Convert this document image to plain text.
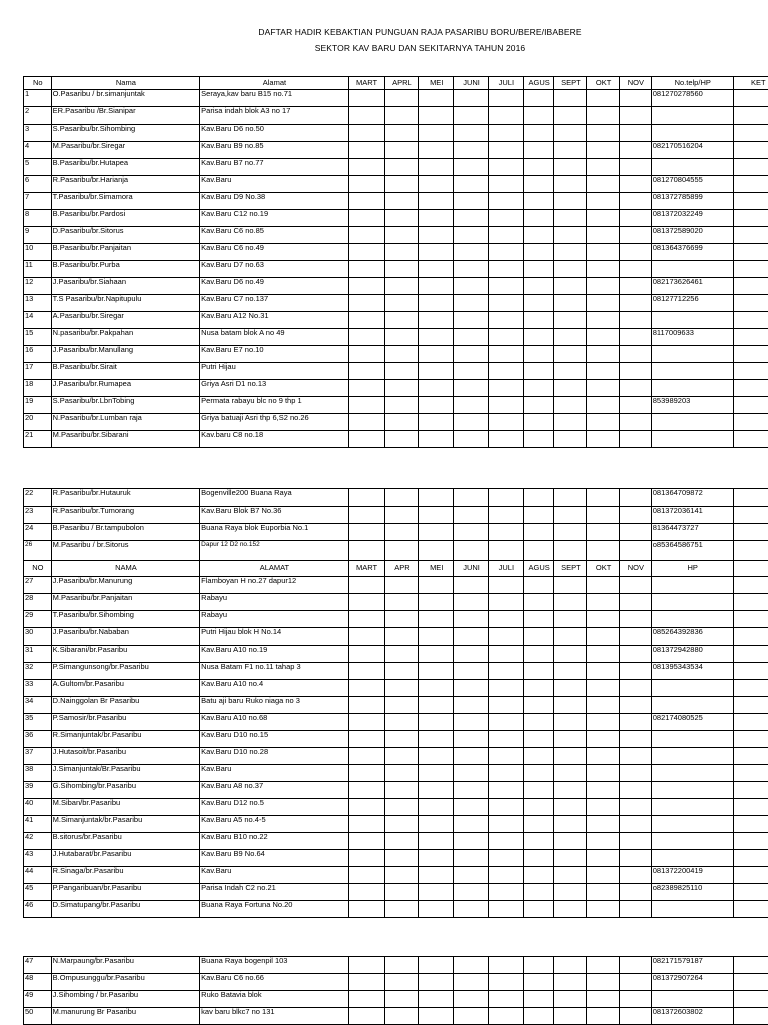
DAFTAR HADIR KEBAKTIAN PUNGUAN RAJA PASARIBU BORU/BERE/IBABERE
SEKTOR KAV BARU DAN SEKITARNYA TAHUN 2016
No	Nama	Alamat	MART	APRL	MEI	JUNI	JULI	AGUS	SEPT	OKT	NOV	No.telp/HP	KET
1	O.Pasaribu / br.simanjuntak	Seraya,kav baru B15 no.71										081270278560	
2	ER.Pasaribu /Br.Sianipar	Parisa indah blok A3 no 17											
3	S.Pasaribu/br.Sihombing	Kav.Baru D6 no.50											
4	M.Pasaribu/br.Siregar	Kav.Baru B9 no.85										082170516204	
5	B.Pasaribu/br.Hutapea	Kav.Baru B7 no.77											
6	R.Pasaribu/br.Harianja	Kav.Baru										081270804555	
7	T.Pasaribu/br.Simamora	Kav.Baru D9 No.38										081372785899	
8	B.Pasaribu/br.Pardosi	Kav.Baru C12 no.19										081372032249	
9	D.Pasaribu/br.Sitorus	Kav.Baru C6 no.85										081372589020	
10	B.Pasaribu/br.Panjaitan	Kav.Baru C6 no.49										081364376699	
11	B.Pasaribu/br.Purba	Kav.Baru D7 no.63											
12	J.Pasaribu/br.Siahaan	Kav.Baru D6 no.49										082173626461	
13	T.S Pasaribu/br.Napitupulu	Kav.Baru C7 no.137										08127712256	
14	A.Pasaribu/br.Siregar	Kav.Baru A12 No.31											
15	N.pasaribu/br.Pakpahan	Nusa batam blok A no 49										8117009633	
16	J.Pasaribu/br.Manullang	Kav.Baru E7 no.10											
17	B.Pasaribu/br.Sirait	Putri Hijau											
18	J.Pasaribu/br.Rumapea	Griya Asri D1 no.13											
19	S.Pasaribu/br.LbnTobing	Permata rabayu blc no 9 thp 1										853989203	
20	N.Pasaribu/br.Lumban raja	Griya batuaji Asri thp 6,S2 no.26											
21	M.Pasaribu/br.Sibarani	Kav.baru C8 no.18											
22	R.Pasaribu/br.Hutauruk	Bogenville200 Buana Raya										081364709872	
23	R.Pasaribu/br.Tumorang	Kav.Baru Blok B7 No.36										081372036141	
24	B.Pasaribu / Br.tampubolon	Buana Raya blok Euporbia No.1										81364473727	
26	M.Pasaribu / br.Sitorus	Dapur 12 D2 no.152										o85364586751	
NO	NAMA	ALAMAT	MART	APR	MEI	JUNI	JULI	AGUS	SEPT	OKT	NOV	HP	
27	J.Pasaribu/br.Manurung	Flamboyan H no.27 dapur12											
28	M.Pasaribu/br.Panjaitan	Rabayu											
29	T.Pasaribu/br.Sihombing	Rabayu											
30	J.Pasaribu/br.Nababan	Putri Hijau blok H No.14										085264392836	
31	K.Sibarani/br.Pasaribu	Kav.Baru A10 no.19										081372942880	
32	P.Simangunsong/br.Pasaribu	Nusa Batam F1 no.11 tahap 3										081395343534	
33	A.Gultom/br.Pasaribu	Kav.Baru A10 no.4											
34	D.Nainggolan Br Pasaribu	Batu aji baru Ruko niaga no 3											
35	P.Samosir/br.Pasaribu	Kav.Baru A10 no.68										082174080525	
36	R.Simanjuntak/br.Pasaribu	Kav.Baru D10 no.15											
37	J.Hutasoit/br.Pasaribu	Kav.Baru D10 no.28											
38	J.Simanjuntak/Br.Pasaribu	Kav.Baru											
39	G.Sihombing/br.Pasaribu	Kav.Baru A8 no.37											
40	M.Siban/br.Pasaribu	Kav.Baru D12 no.5											
41	M.Simanjuntak/br.Pasaribu	Kav.Baru A5 no.4-5											
42	B.sitorus/br.Pasaribu	Kav.Baru B10 no.22											
43	J.Hutabarat/br.Pasaribu	Kav.Baru B9 No.64											
44	R.Sinaga/br.Pasaribu	Kav.Baru										081372200419	
45	P.Pangaribuan/br.Pasaribu	Parisa Indah C2 no.21										o82389825110	
46	D.Simatupang/br.Pasaribu	Buana Raya Fortuna No.20											
47	N.Marpaung/br.Pasaribu	Buana Raya bogenpil 103										082171579187	
48	B.Ompusunggu/br.Pasaribu	Kav.Baru C6 no.66										081372907264	
49	J.Sihombing / br.Pasaribu	Ruko Batavia blok											
50	M.manurung Br Pasaribu	kav baru blkc7 no 131										081372603802	
